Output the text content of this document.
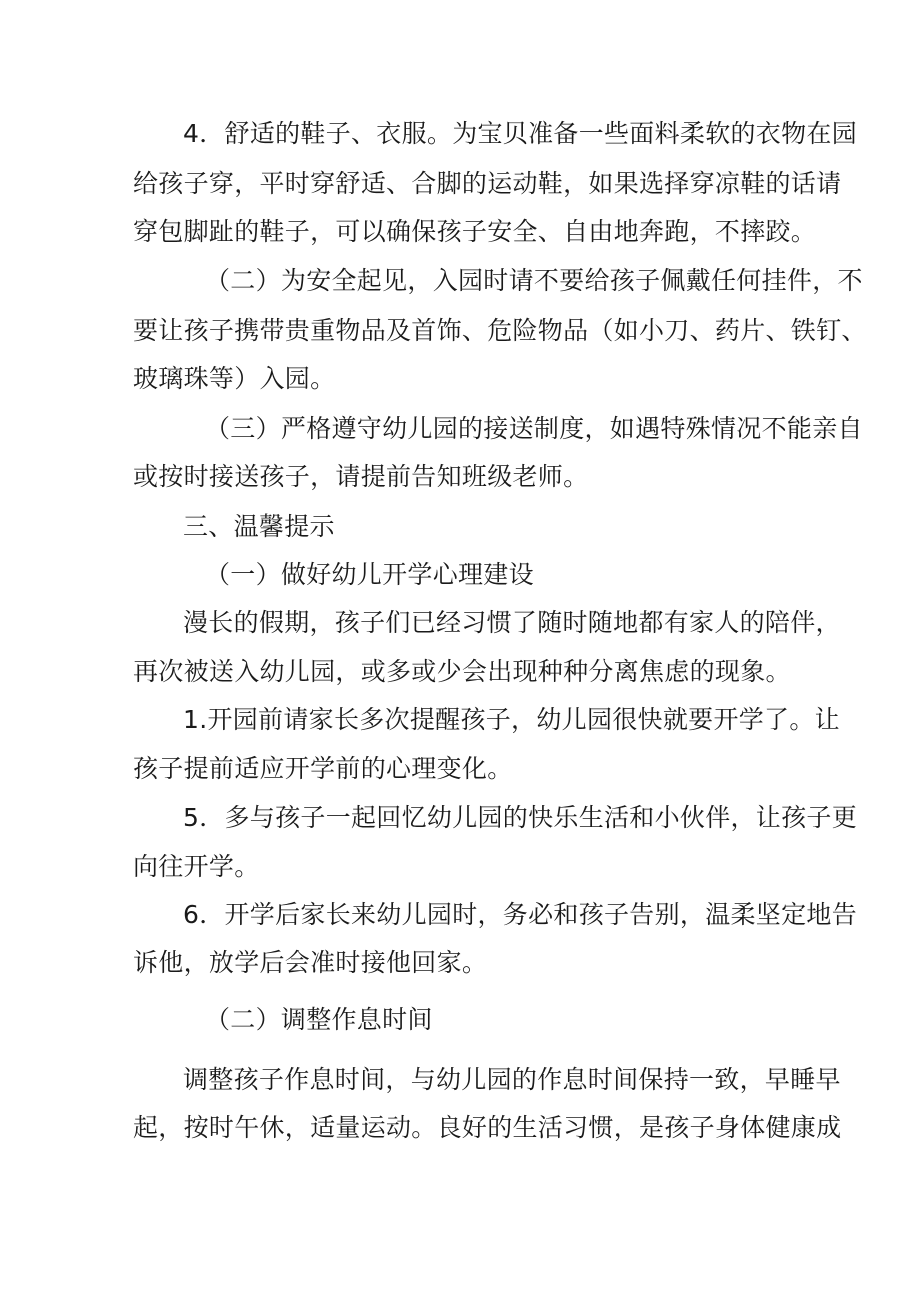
4．舒适的鞋子、衣服。为宝贝准备一些面料柔软的衣物在园
给孩子穿，平时穿舒适、合脚的运动鞋，如果选择穿凉鞋的话请
穿包脚趾的鞋子，可以确保孩子安全、自由地奔跑，不摔跤。
（二）为安全起见，入园时请不要给孩子佩戴任何挂件，不
要让孩子携带贵重物品及首饰、危险物品（如小刀、药片、铁钉、
玻璃珠等）入园。
（三）严格遵守幼儿园的接送制度，如遇特殊情况不能亲自
或按时接送孩子，请提前告知班级老师。
三、温馨提示
（一）做好幼儿开学心理建设
漫长的假期，孩子们已经习惯了随时随地都有家人的陪伴，
再次被送入幼儿园，或多或少会出现种种分离焦虑的现象。
1.开园前请家长多次提醒孩子，幼儿园很快就要开学了。让
孩子提前适应开学前的心理变化。
5．多与孩子一起回忆幼儿园的快乐生活和小伙伴，让孩子更
向往开学。
6．开学后家长来幼儿园时，务必和孩子告别，温柔坚定地告
诉他，放学后会准时接他回家。
（二）调整作息时间
调整孩子作息时间，与幼儿园的作息时间保持一致，早睡早
起，按时午休，适量运动。良好的生活习惯，是孩子身体健康成
